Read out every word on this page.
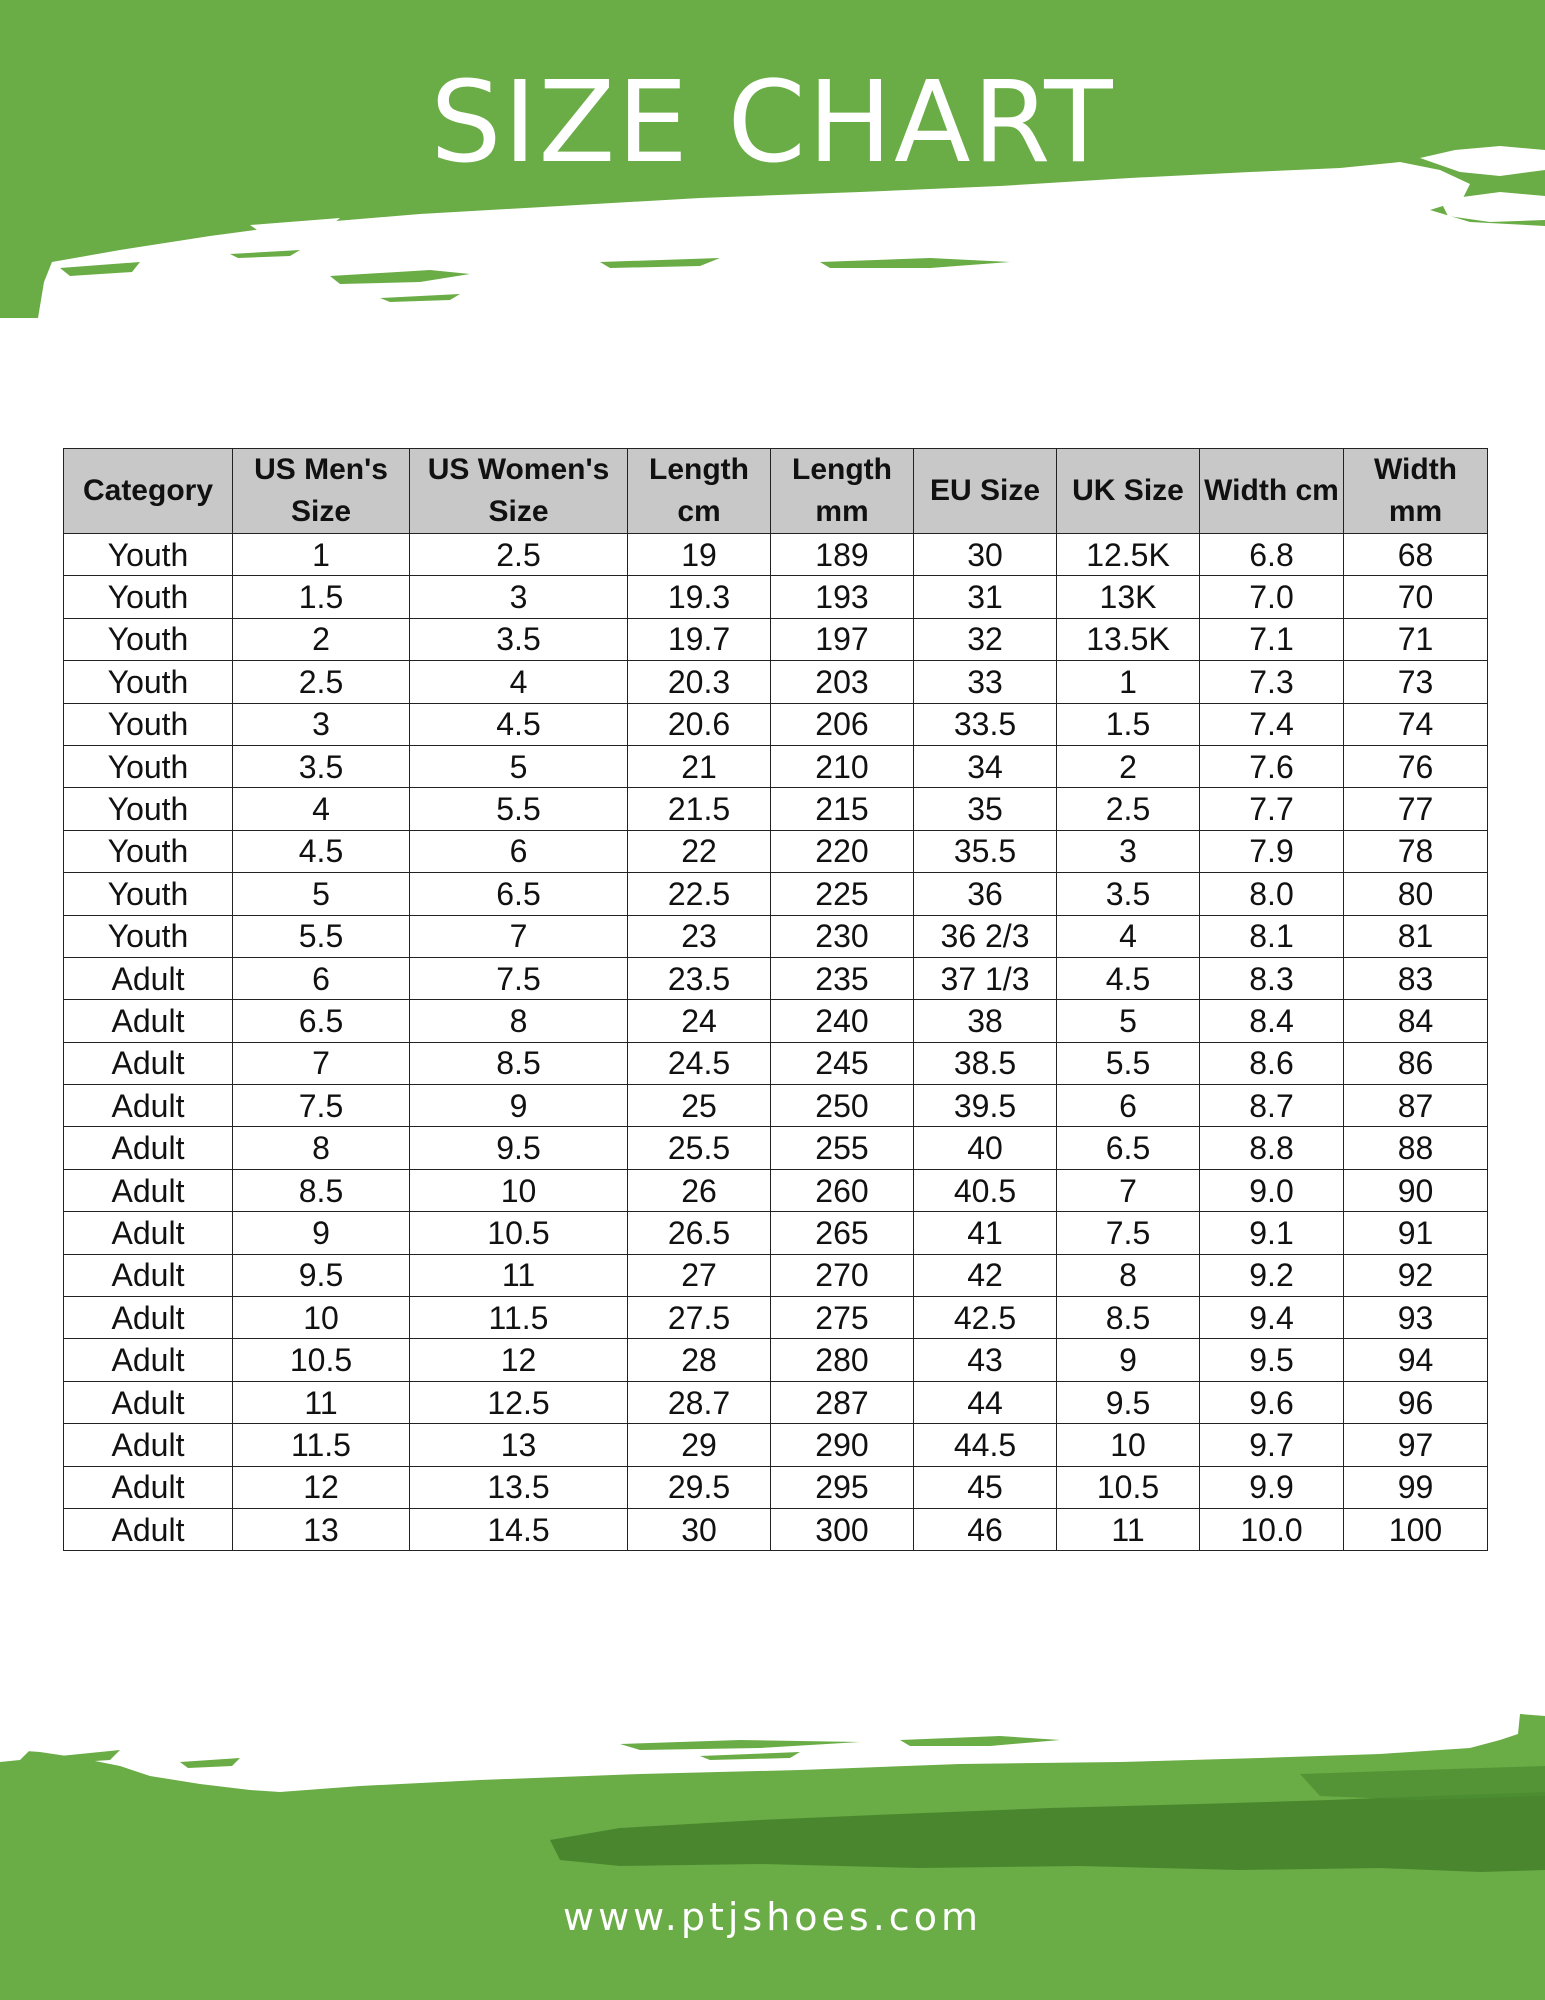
SIZE CHART
Category	US Men's Size	US Women's Size	Length cm	Length mm	EU Size	UK Size	Width cm	Width mm
Youth	1	2.5	19	189	30	12.5K	6.8	68
Youth	1.5	3	19.3	193	31	13K	7.0	70
Youth	2	3.5	19.7	197	32	13.5K	7.1	71
Youth	2.5	4	20.3	203	33	1	7.3	73
Youth	3	4.5	20.6	206	33.5	1.5	7.4	74
Youth	3.5	5	21	210	34	2	7.6	76
Youth	4	5.5	21.5	215	35	2.5	7.7	77
Youth	4.5	6	22	220	35.5	3	7.9	78
Youth	5	6.5	22.5	225	36	3.5	8.0	80
Youth	5.5	7	23	230	36 2/3	4	8.1	81
Adult	6	7.5	23.5	235	37 1/3	4.5	8.3	83
Adult	6.5	8	24	240	38	5	8.4	84
Adult	7	8.5	24.5	245	38.5	5.5	8.6	86
Adult	7.5	9	25	250	39.5	6	8.7	87
Adult	8	9.5	25.5	255	40	6.5	8.8	88
Adult	8.5	10	26	260	40.5	7	9.0	90
Adult	9	10.5	26.5	265	41	7.5	9.1	91
Adult	9.5	11	27	270	42	8	9.2	92
Adult	10	11.5	27.5	275	42.5	8.5	9.4	93
Adult	10.5	12	28	280	43	9	9.5	94
Adult	11	12.5	28.7	287	44	9.5	9.6	96
Adult	11.5	13	29	290	44.5	10	9.7	97
Adult	12	13.5	29.5	295	45	10.5	9.9	99
Adult	13	14.5	30	300	46	11	10.0	100
www.ptjshoes.com
